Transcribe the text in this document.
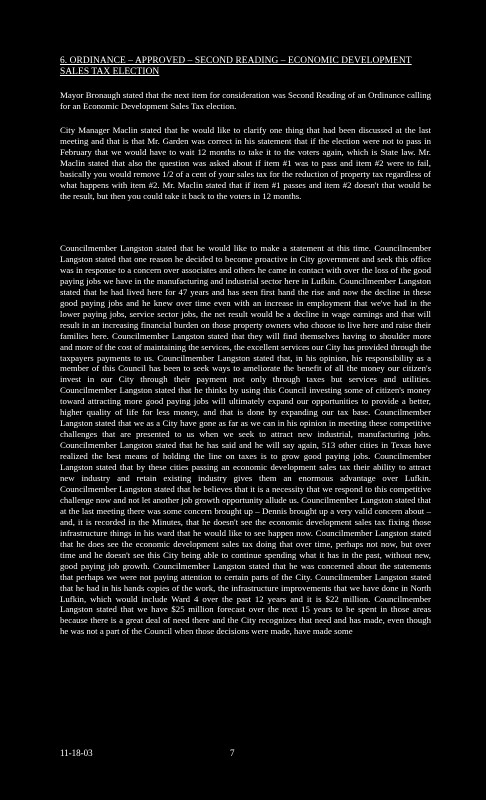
6. ORDINANCE – APPROVED – SECOND READING – ECONOMIC DEVELOPMENT SALES TAX ELECTION

Mayor Bronaugh stated that the next item for consideration was Second Reading of an Ordinance calling for an Economic Development Sales Tax election.

City Manager Maclin stated that he would like to clarify one thing that had been discussed at the last meeting and that is that Mr. Garden was correct in his statement that if the election were not to pass in February that we would have to wait 12 months to take it to the voters again, which is State law. Mr. Maclin stated that also the question was asked about if item #1 was to pass and item #2 were to fail, basically you would remove 1/2 of a cent of your sales tax for the reduction of property tax regardless of what happens with item #2. Mr. Maclin stated that if item #1 passes and item #2 doesn't that would be the result, but then you could take it back to the voters in 12 months.

Councilmember Langston stated that he would like to make a statement at this time. Councilmember Langston stated that one reason he decided to become proactive in City government and seek this office was in response to a concern over associates and others he came in contact with over the loss of the good paying jobs we have in the manufacturing and industrial sector here in Lufkin. Councilmember Langston stated that he had lived here for 47 years and has seen first hand the rise and now the decline in these good paying jobs and he knew over time even with an increase in employment that we've had in the lower paying jobs, service sector jobs, the net result would be a decline in wage earnings and that will result in an increasing financial burden on those property owners who choose to live here and raise their families here. Councilmember Langston stated that they will find themselves having to shoulder more and more of the cost of maintaining the services, the excellent services our City has provided through the taxpayers payments to us. Councilmember Langston stated that, in his opinion, his responsibility as a member of this Council has been to seek ways to ameliorate the benefit of all the money our citizen's invest in our City through their payment not only through taxes but services and utilities. Councilmember Langston stated that he thinks by using this Council investing some of citizen's money toward attracting more good paying jobs will ultimately expand our opportunities to provide a better, higher quality of life for less money, and that is done by expanding our tax base. Councilmember Langston stated that we as a City have gone as far as we can in his opinion in meeting these competitive challenges that are presented to us when we seek to attract new industrial, manufacturing jobs. Councilmember Langston stated that he has said and he will say again, 513 other cities in Texas have realized the best means of holding the line on taxes is to grow good paying jobs. Councilmember Langston stated that by these cities passing an economic development sales tax their ability to attract new industry and retain existing industry gives them an enormous advantage over Lufkin. Councilmember Langston stated that he believes that it is a necessity that we respond to this competitive challenge now and not let another job growth opportunity allude us. Councilmember Langston stated that at the last meeting there was some concern brought up – Dennis brought up a very valid concern about – and, it is recorded in the Minutes, that he doesn't see the economic development sales tax fixing those infrastructure things in his ward that he would like to see happen now. Councilmember Langston stated that he does see the economic development sales tax doing that over time, perhaps not now, but over time and he doesn't see this City being able to continue spending what it has in the past, without new, good paying job growth. Councilmember Langston stated that he was concerned about the statements that perhaps we were not paying attention to certain parts of the City. Councilmember Langston stated that he had in his hands copies of the work, the infrastructure improvements that we have done in North Lufkin, which would include Ward 4 over the past 12 years and it is $22 million. Councilmember Langston stated that we have $25 million forecast over the next 15 years to be spent in those areas because there is a great deal of need there and the City recognizes that need and has made, even though he was not a part of the Council when those decisions were made, have made some

11-18-03	7
